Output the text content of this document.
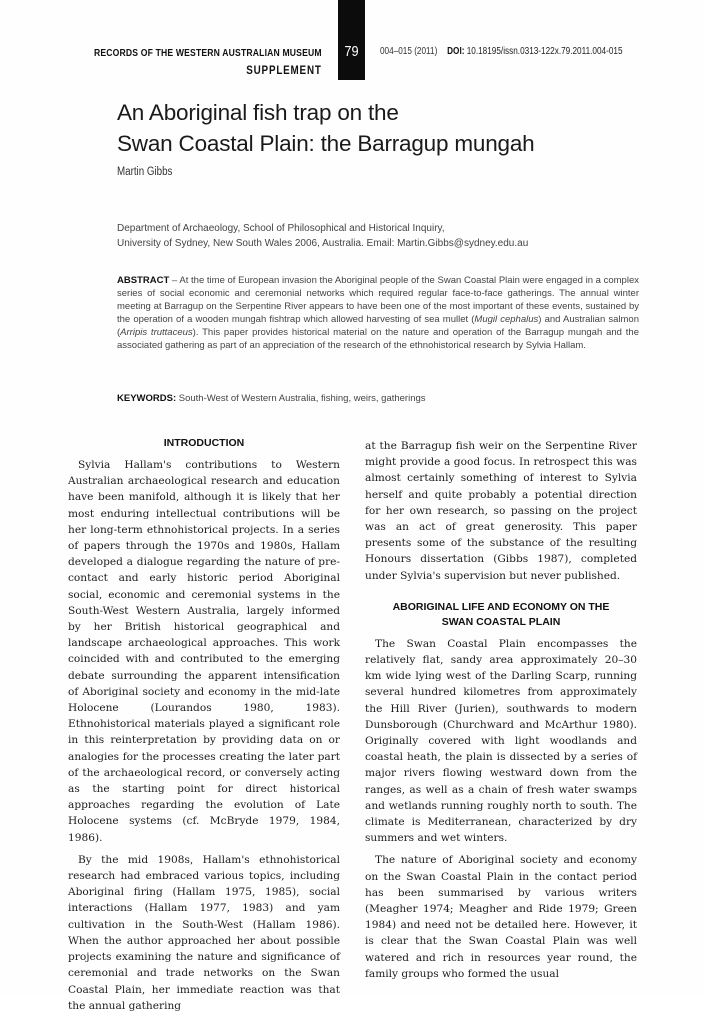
RECORDS OF THE WESTERN AUSTRALIAN MUSEUM
SUPPLEMENT
79	004–015 (2011) DOI: 10.18195/issn.0313-122x.79.2011.004-015
An Aboriginal fish trap on the
Swan Coastal Plain: the Barragup mungah
Martin Gibbs
Department of Archaeology, School of Philosophical and Historical Inquiry,
University of Sydney, New South Wales 2006, Australia. Email: Martin.Gibbs@sydney.edu.au
ABSTRACT – At the time of European invasion the Aboriginal people of the Swan Coastal Plain were engaged in a complex series of social economic and ceremonial networks which required regular face-to-face gatherings. The annual winter meeting at Barragup on the Serpentine River appears to have been one of the most important of these events, sustained by the operation of a wooden mungah fishtrap which allowed harvesting of sea mullet (Mugil cephalus) and Australian salmon (Arripis truttaceus). This paper provides historical material on the nature and operation of the Barragup mungah and the associated gathering as part of an appreciation of the research of the ethnohistorical research by Sylvia Hallam.
KEYWORDS: South-West of Western Australia, fishing, weirs, gatherings
INTRODUCTION

Sylvia Hallam's contributions to Western Australian archaeological research and education have been manifold, although it is likely that her most enduring intellectual contributions will be her long-term ethnohistorical projects. In a series of papers through the 1970s and 1980s, Hallam developed a dialogue regarding the nature of pre-contact and early historic period Aboriginal social, economic and ceremonial systems in the South-West Western Australia, largely informed by her British historical geographical and landscape archaeological approaches. This work coincided with and contributed to the emerging debate surrounding the apparent intensification of Aboriginal society and economy in the mid-late Holocene (Lourandos 1980, 1983). Ethnohistorical materials played a significant role in this reinterpretation by providing data on or analogies for the processes creating the later part of the archaeological record, or conversely acting as the starting point for direct historical approaches regarding the evolution of Late Holocene systems (cf. McBryde 1979, 1984, 1986).

By the mid 1908s, Hallam's ethnohistorical research had embraced various topics, including Aboriginal firing (Hallam 1975, 1985), social interactions (Hallam 1977, 1983) and yam cultivation in the South-West (Hallam 1986). When the author approached her about possible projects examining the nature and significance of ceremonial and trade networks on the Swan Coastal Plain, her immediate reaction was that the annual gathering

at the Barragup fish weir on the Serpentine River might provide a good focus. In retrospect this was almost certainly something of interest to Sylvia herself and quite probably a potential direction for her own research, so passing on the project was an act of great generosity. This paper presents some of the substance of the resulting Honours dissertation (Gibbs 1987), completed under Sylvia's supervision but never published.

ABORIGINAL LIFE AND ECONOMY ON THE
SWAN COASTAL PLAIN

The Swan Coastal Plain encompasses the relatively flat, sandy area approximately 20–30 km wide lying west of the Darling Scarp, running several hundred kilometres from approximately the Hill River (Jurien), southwards to modern Dunsborough (Churchward and McArthur 1980). Originally covered with light woodlands and coastal heath, the plain is dissected by a series of major rivers flowing westward down from the ranges, as well as a chain of fresh water swamps and wetlands running roughly north to south. The climate is Mediterranean, characterized by dry summers and wet winters.

The nature of Aboriginal society and economy on the Swan Coastal Plain in the contact period has been summarised by various writers (Meagher 1974; Meagher and Ride 1979; Green 1984) and need not be detailed here. However, it is clear that the Swan Coastal Plain was well watered and rich in resources year round, the family groups who formed the usual
